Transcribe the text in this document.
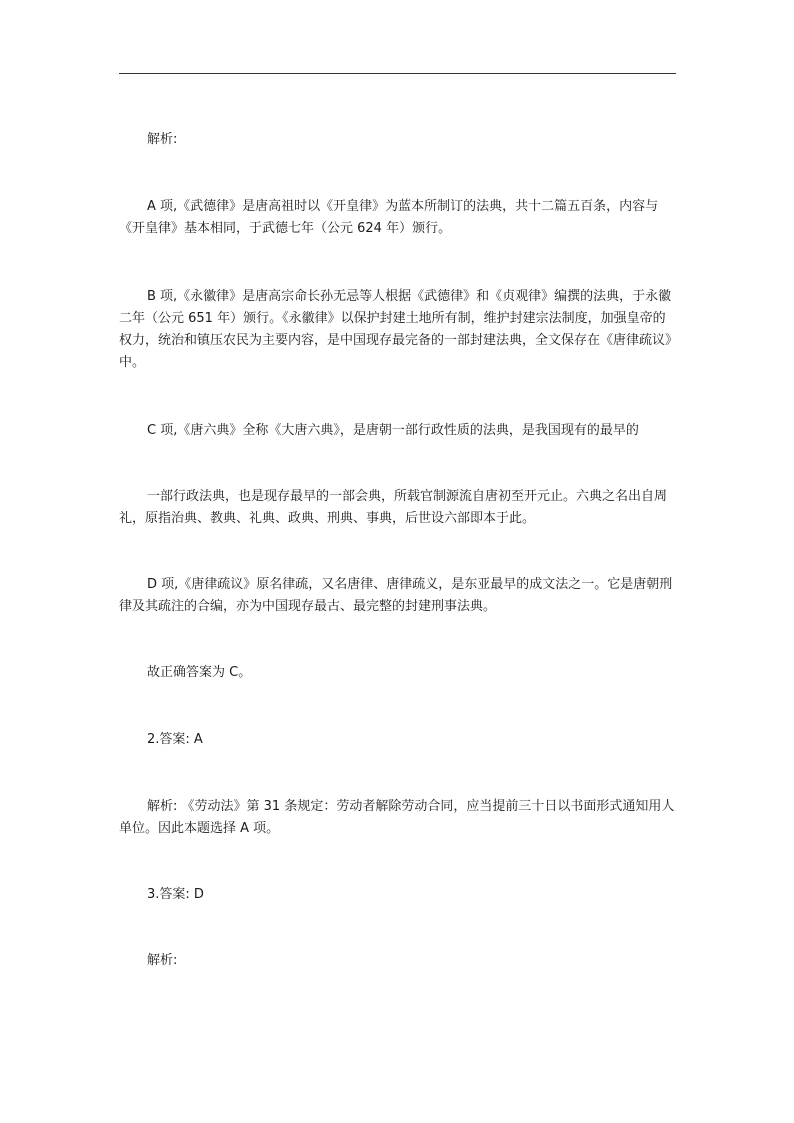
解析:

A 项,《武德律》是唐高祖时以《开皇律》为蓝本所制订的法典，共十二篇五百条，内容与《开皇律》基本相同，于武德七年（公元 624 年）颁行。

B 项,《永徽律》是唐高宗命长孙无忌等人根据《武德律》和《贞观律》编撰的法典，于永徽二年（公元 651 年）颁行。《永徽律》以保护封建土地所有制，维护封建宗法制度，加强皇帝的权力，统治和镇压农民为主要内容，是中国现存最完备的一部封建法典，全文保存在《唐律疏议》中。

C 项,《唐六典》全称《大唐六典》，是唐朝一部行政性质的法典，是我国现有的最早的

一部行政法典，也是现存最早的一部会典，所载官制源流自唐初至开元止。六典之名出自周礼，原指治典、教典、礼典、政典、刑典、事典，后世设六部即本于此。

D 项,《唐律疏议》原名律疏，又名唐律、唐律疏义，是东亚最早的成文法之一。它是唐朝刑律及其疏注的合编，亦为中国现存最古、最完整的封建刑事法典。

故正确答案为 C。

2.答案: A

解析: 《劳动法》第 31 条规定：劳动者解除劳动合同，应当提前三十日以书面形式通知用人单位。因此本题选择 A 项。

3.答案: D

解析:
